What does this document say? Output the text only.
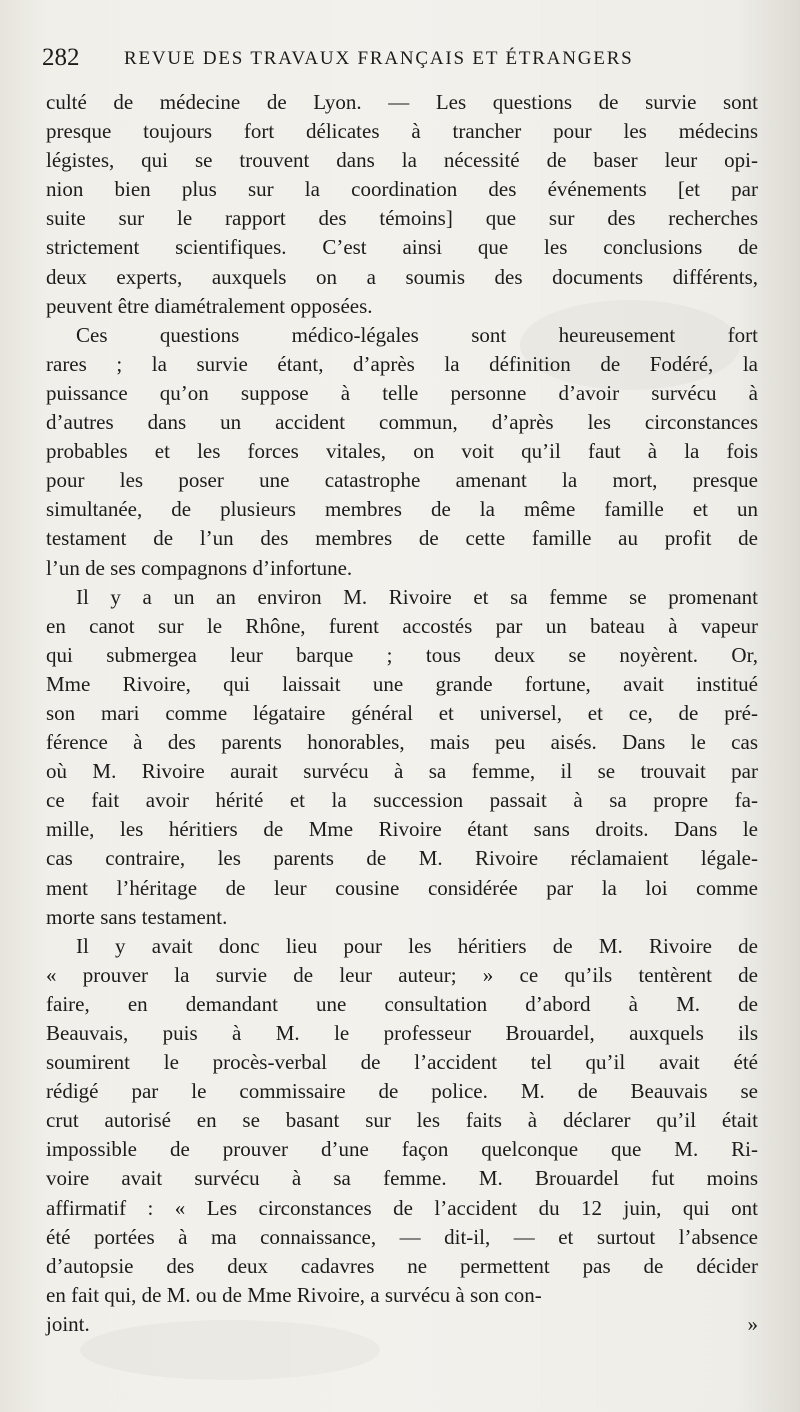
282 REVUE DES TRAVAUX FRANÇAIS ET ÉTRANGERS
culté de médecine de Lyon. — Les questions de survie sont
presque toujours fort délicates à trancher pour les médecins
légistes, qui se trouvent dans la nécessité de baser leur opi-
nion bien plus sur la coordination des événements [et par
suite sur le rapport des témoins] que sur des recherches
strictement scientifiques. C’est ainsi que les conclusions de
deux experts, auxquels on a soumis des documents différents,
peuvent être diamétralement opposées.
Ces questions médico-légales sont heureusement fort
rares ; la survie étant, d’après la définition de Fodéré, la
puissance qu’on suppose à telle personne d’avoir survécu à
d’autres dans un accident commun, d’après les circonstances
probables et les forces vitales, on voit qu’il faut à la fois
pour les poser une catastrophe amenant la mort, presque
simultanée, de plusieurs membres de la même famille et un
testament de l’un des membres de cette famille au profit de
l’un de ses compagnons d’infortune.
Il y a un an environ M. Rivoire et sa femme se promenant
en canot sur le Rhône, furent accostés par un bateau à vapeur
qui submergea leur barque ; tous deux se noyèrent. Or,
Mme Rivoire, qui laissait une grande fortune, avait institué
son mari comme légataire général et universel, et ce, de pré-
férence à des parents honorables, mais peu aisés. Dans le cas
où M. Rivoire aurait survécu à sa femme, il se trouvait par
ce fait avoir hérité et la succession passait à sa propre fa-
mille, les héritiers de Mme Rivoire étant sans droits. Dans le
cas contraire, les parents de M. Rivoire réclamaient légale-
ment l’héritage de leur cousine considérée par la loi comme
morte sans testament.
Il y avait donc lieu pour les héritiers de M. Rivoire de
« prouver la survie de leur auteur; » ce qu’ils tentèrent de
faire, en demandant une consultation d’abord à M. de
Beauvais, puis à M. le professeur Brouardel, auxquels ils
soumirent le procès-verbal de l’accident tel qu’il avait été
rédigé par le commissaire de police. M. de Beauvais se
crut autorisé en se basant sur les faits à déclarer qu’il était
impossible de prouver d’une façon quelconque que M. Ri-
voire avait survécu à sa femme. M. Brouardel fut moins
affirmatif : « Les circonstances de l’accident du 12 juin, qui ont
été portées à ma connaissance, — dit-il, — et surtout l’absence
d’autopsie des deux cadavres ne permettent pas de décider
en fait qui, de M. ou de Mme Rivoire, a survécu à son con-
joint. »
